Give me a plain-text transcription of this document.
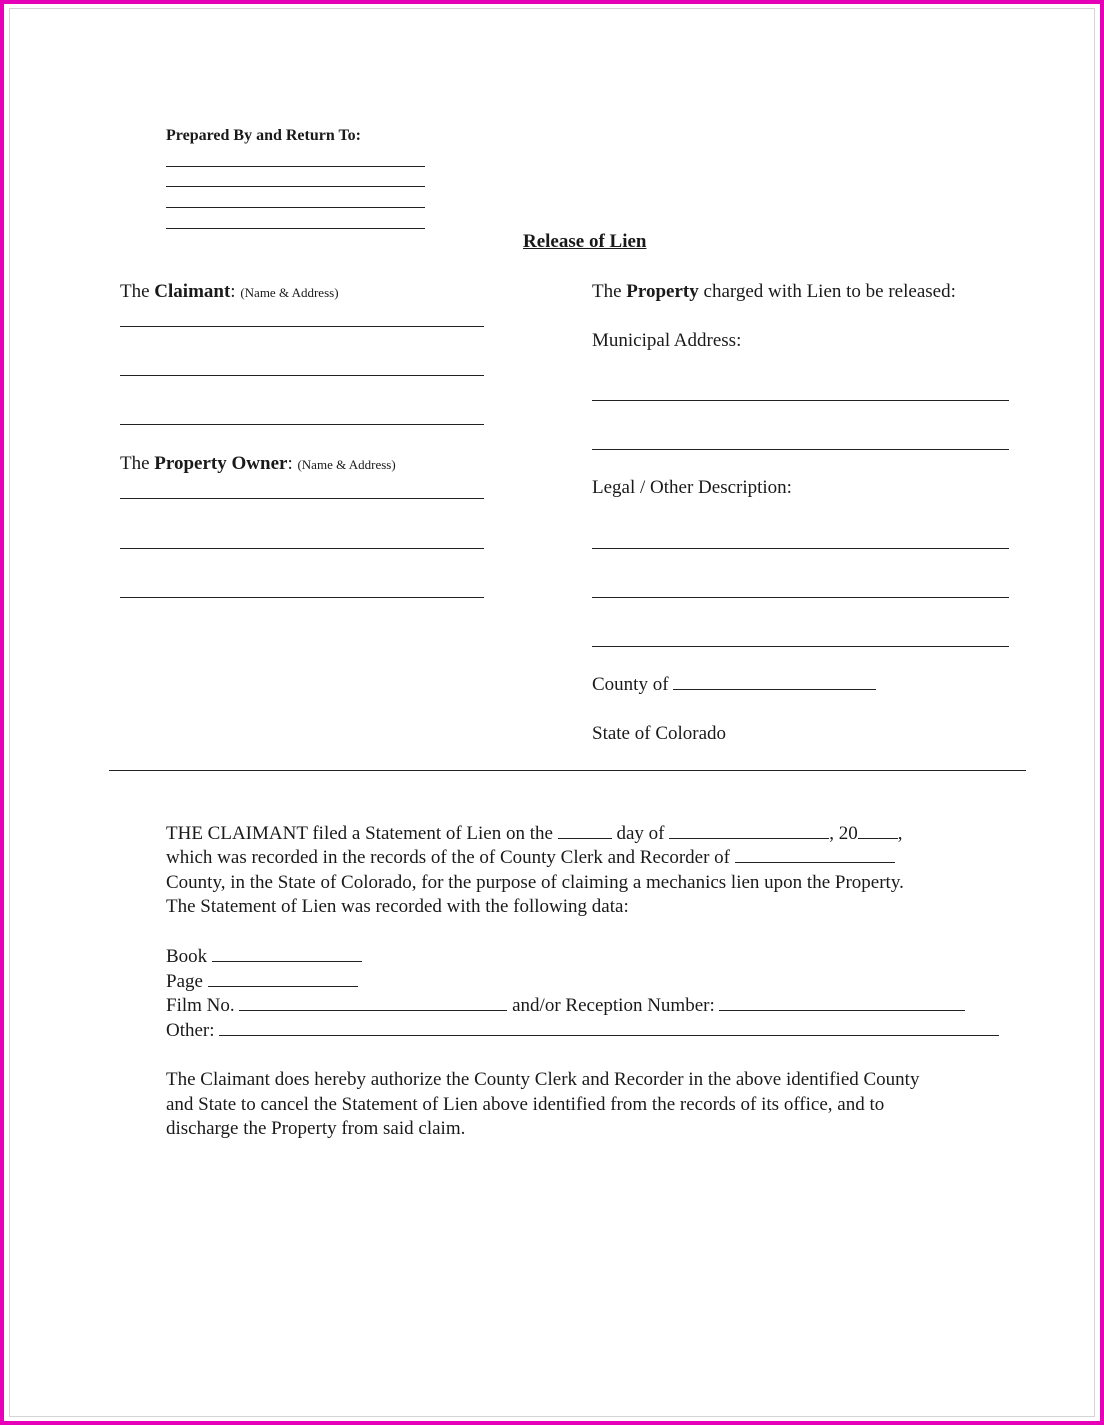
Prepared By and Return To:
Release of Lien
The Claimant: (Name & Address)
The Property Owner: (Name & Address)
The Property charged with Lien to be released:
Municipal Address:
Legal / Other Description:
County of
State of Colorado
THE CLAIMANT filed a Statement of Lien on the	day of	, 20 ,
which was recorded in the records of the of County Clerk and Recorder of
County, in the State of Colorado, for the purpose of claiming a mechanics lien upon the Property.
The Statement of Lien was recorded with the following data:
Book
Page
Film No.	and/or Reception Number:
Other:
The Claimant does hereby authorize the County Clerk and Recorder in the above identified County
and State to cancel the Statement of Lien above identified from the records of its office, and to
discharge the Property from said claim.
